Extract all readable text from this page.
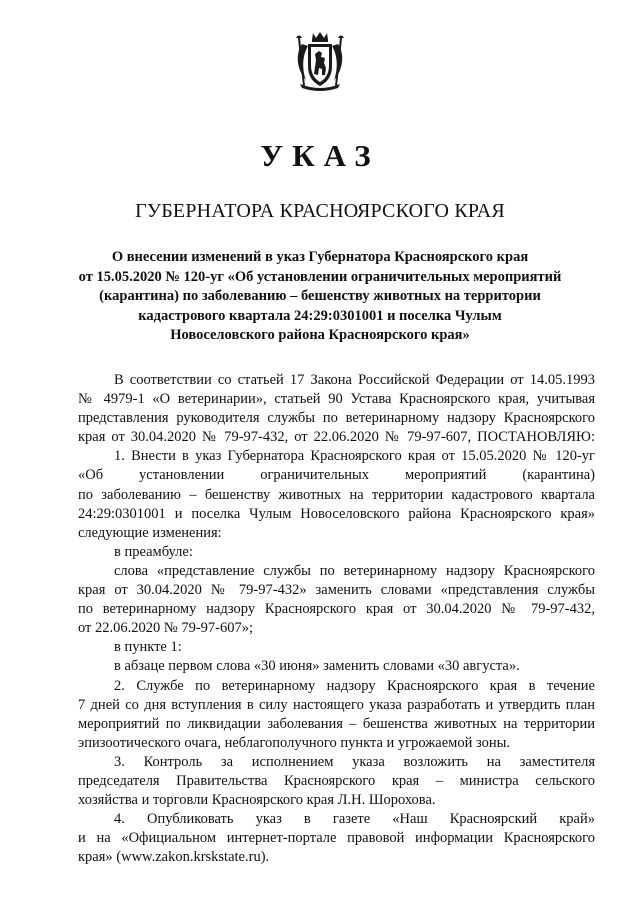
УКАЗ
ГУБЕРНАТОРА КРАСНОЯРСКОГО КРАЯ
О внесении изменений в указ Губернатора Красноярского края
от 15.05.2020 № 120-уг «Об установлении ограничительных мероприятий
(карантина) по заболеванию – бешенству животных на территории
кадастрового квартала 24:29:0301001 и поселка Чулым
Новоселовского района Красноярского края»
В соответствии со статьей 17 Закона Российской Федерации от 14.05.1993
№ 4979-1 «О ветеринарии», статьей 90 Устава Красноярского края, учитывая
представления руководителя службы по ветеринарному надзору Красноярского
края от 30.04.2020 № 79-97-432, от 22.06.2020 № 79-97-607, ПОСТАНОВЛЯЮ:
1. Внести в указ Губернатора Красноярского края от 15.05.2020 № 120-уг
«Об установлении ограничительных мероприятий (карантина)
по заболеванию – бешенству животных на территории кадастрового квартала
24:29:0301001 и поселка Чулым Новоселовского района Красноярского края»
следующие изменения:
в преамбуле:
слова «представление службы по ветеринарному надзору Красноярского
края от 30.04.2020 № 79-97-432» заменить словами «представления службы
по ветеринарному надзору Красноярского края от 30.04.2020 № 79-97-432,
от 22.06.2020 № 79-97-607»;
в пункте 1:
в абзаце первом слова «30 июня» заменить словами «30 августа».
2. Службе по ветеринарному надзору Красноярского края в течение
7 дней со дня вступления в силу настоящего указа разработать и утвердить план
мероприятий по ликвидации заболевания – бешенства животных на территории
эпизоотического очага, неблагополучного пункта и угрожаемой зоны.
3. Контроль за исполнением указа возложить на заместителя
председателя Правительства Красноярского края – министра сельского
хозяйства и торговли Красноярского края Л.Н. Шорохова.
4. Опубликовать указ в газете «Наш Красноярский край»
и на «Официальном интернет-портале правовой информации Красноярского
края» (www.zakon.krskstate.ru).
